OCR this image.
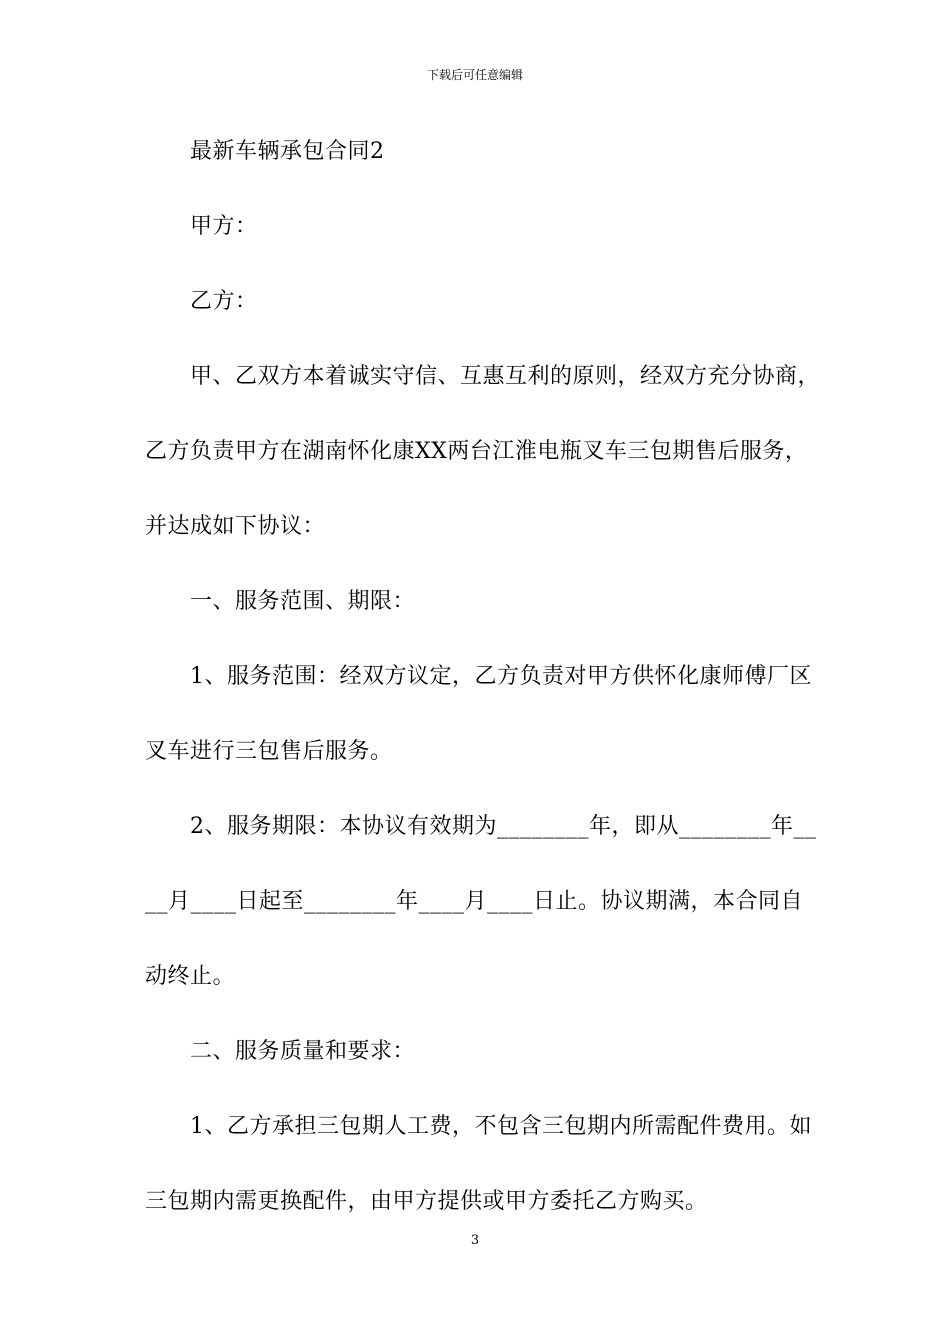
下载后可任意编辑
最新车辆承包合同2
甲方：
乙方：
甲、乙双方本着诚实守信、互惠互利的原则，经双方充分协商，
乙方负责甲方在湖南怀化康XX两台江淮电瓶叉车三包期售后服务，
并达成如下协议：
一、服务范围、期限：
1、服务范围：经双方议定，乙方负责对甲方供怀化康师傅厂区
叉车进行三包售后服务。
2、服务期限：本协议有效期为________年，即从________年__
__月____日起至________年____月____日止。协议期满，本合同自
动终止。
二、服务质量和要求：
1、乙方承担三包期人工费，不包含三包期内所需配件费用。如
三包期内需更换配件，由甲方提供或甲方委托乙方购买。
3
